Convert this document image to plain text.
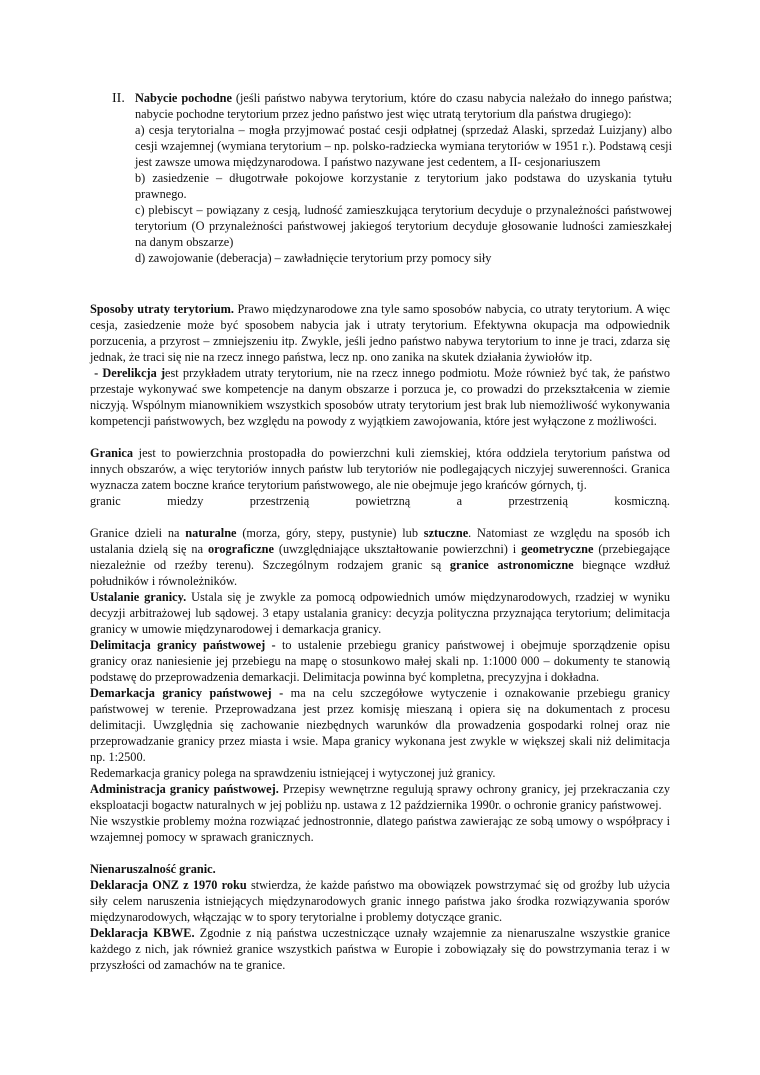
II. Nabycie pochodne (jeśli państwo nabywa terytorium, które do czasu nabycia należało do innego państwa; nabycie pochodne terytorium przez jedno państwo jest więc utratą terytorium dla państwa drugiego):

a) cesja terytorialna – mogła przyjmować postać cesji odpłatnej (sprzedaż Alaski, sprzedaż Luizjany) albo cesji wzajemnej (wymiana terytorium – np. polsko-radziecka wymiana terytoriów w 1951 r.). Podstawą cesji jest zawsze umowa międzynarodowa. I państwo nazywane jest cedentem, a II- cesjonariuszem

b) zasiedzenie – długotrwałe pokojowe korzystanie z terytorium jako podstawa do uzyskania tytułu prawnego.

c) plebiscyt – powiązany z cesją, ludność zamieszkująca terytorium decyduje o przynależności państwowej terytorium (O przynależności państwowej jakiegoś terytorium decyduje głosowanie ludności zamieszkałej na danym obszarze)

d) zawojowanie (deberacja) – zawładnięcie terytorium przy pomocy siły

Sposoby utraty terytorium. Prawo międzynarodowe zna tyle samo sposobów nabycia, co utraty terytorium. A więc cesja, zasiedzenie może być sposobem nabycia jak i utraty terytorium. Efektywna okupacja ma odpowiednik porzucenia, a przyrost – zmniejszeniu itp. Zwykle, jeśli jedno państwo nabywa terytorium to inne je traci, zdarza się jednak, że traci się nie na rzecz innego państwa, lecz np. ono zanika na skutek działania żywiołów itp.

- Derelikcja jest przykładem utraty terytorium, nie na rzecz innego podmiotu. Może również być tak, że państwo przestaje wykonywać swe kompetencje na danym obszarze i porzuca je, co prowadzi do przekształcenia w ziemie niczyją. Wspólnym mianownikiem wszystkich sposobów utraty terytorium jest brak lub niemożliwość wykonywania kompetencji państwowych, bez względu na powody z wyjątkiem zawojowania, które jest wyłączone z możliwości.

Granica jest to powierzchnia prostopadła do powierzchni kuli ziemskiej, która oddziela terytorium państwa od innych obszarów, a więc terytoriów innych państw lub terytoriów nie podlegających niczyjej suwerenności. Granica wyznacza zatem boczne krańce terytorium państwowego, ale nie obejmuje jego krańców górnych, tj.

granic miedzy przestrzenią powietrzną a przestrzenią kosmiczną.

Granice dzieli na naturalne (morza, góry, stepy, pustynie) lub sztuczne. Natomiast ze względu na sposób ich ustalania dzielą się na orograficzne (uwzględniające ukształtowanie powierzchni) i geometryczne (przebiegające niezależnie od rzeźby terenu). Szczególnym rodzajem granic są granice astronomiczne biegnące wzdłuż południków i równoleżników.

Ustalanie granicy. Ustala się je zwykle za pomocą odpowiednich umów międzynarodowych, rzadziej w wyniku decyzji arbitrażowej lub sądowej. 3 etapy ustalania granicy: decyzja polityczna przyznająca terytorium; delimitacja granicy w umowie międzynarodowej i demarkacja granicy.

Delimitacja granicy państwowej - to ustalenie przebiegu granicy państwowej i obejmuje sporządzenie opisu granicy oraz naniesienie jej przebiegu na mapę o stosunkowo małej skali np. 1:1000 000 – dokumenty te stanowią podstawę do przeprowadzenia demarkacji. Delimitacja powinna być kompletna, precyzyjna i dokładna.

Demarkacja granicy państwowej - ma na celu szczegółowe wytyczenie i oznakowanie przebiegu granicy państwowej w terenie. Przeprowadzana jest przez komisję mieszaną i opiera się na dokumentach z procesu delimitacji. Uwzględnia się zachowanie niezbędnych warunków dla prowadzenia gospodarki rolnej oraz nie przeprowadzanie granicy przez miasta i wsie. Mapa granicy wykonana jest zwykle w większej skali niż delimitacja np. 1:2500.

Redemarkacja granicy polega na sprawdzeniu istniejącej i wytyczonej już granicy.

Administracja granicy państwowej. Przepisy wewnętrzne regulują sprawy ochrony granicy, jej przekraczania czy eksploatacji bogactw naturalnych w jej pobliżu np. ustawa z 12 października 1990r. o ochronie granicy państwowej.

Nie wszystkie problemy można rozwiązać jednostronnie, dlatego państwa zawierając ze sobą umowy o współpracy i wzajemnej pomocy w sprawach granicznych.

Nienaruszalność granic.

Deklaracja ONZ z 1970 roku stwierdza, że każde państwo ma obowiązek powstrzymać się od groźby lub użycia siły celem naruszenia istniejących międzynarodowych granic innego państwa jako środka rozwiązywania sporów międzynarodowych, włączając w to spory terytorialne i problemy dotyczące granic.

Deklaracja KBWE. Zgodnie z nią państwa uczestniczące uznały wzajemnie za nienaruszalne wszystkie granice każdego z nich, jak również granice wszystkich państwa w Europie i zobowiązały się do powstrzymania teraz i w przyszłości od zamachów na te granice.
